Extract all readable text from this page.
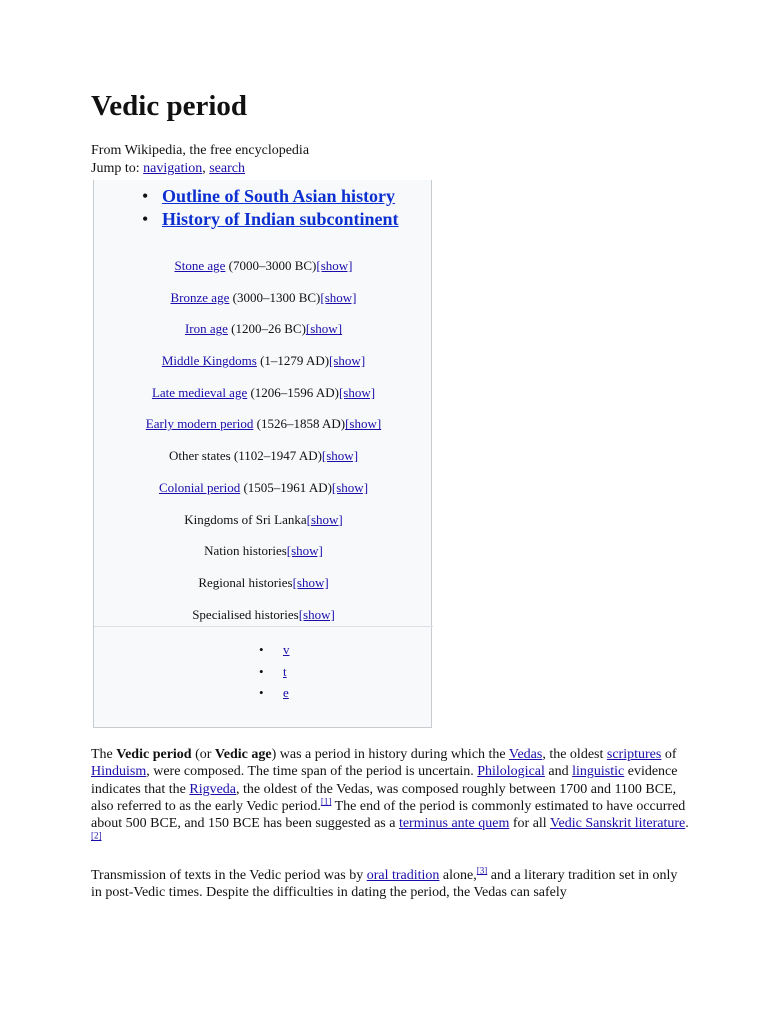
Vedic period
From Wikipedia, the free encyclopedia
Jump to: navigation, search
• Outline of South Asian history
• History of Indian subcontinent
Stone age (7000–3000 BC)[show]
Bronze age (3000–1300 BC)[show]
Iron age (1200–26 BC)[show]
Middle Kingdoms (1–1279 AD)[show]
Late medieval age (1206–1596 AD)[show]
Early modern period (1526–1858 AD)[show]
Other states (1102–1947 AD)[show]
Colonial period (1505–1961 AD)[show]
Kingdoms of Sri Lanka[show]
Nation histories[show]
Regional histories[show]
Specialised histories[show]
• v
• t
• e
The Vedic period (or Vedic age) was a period in history during which the Vedas, the oldest scriptures of Hinduism, were composed. The time span of the period is uncertain. Philological and linguistic evidence indicates that the Rigveda, the oldest of the Vedas, was composed roughly between 1700 and 1100 BCE, also referred to as the early Vedic period.[1] The end of the period is commonly estimated to have occurred about 500 BCE, and 150 BCE has been suggested as a terminus ante quem for all Vedic Sanskrit literature.[2]
Transmission of texts in the Vedic period was by oral tradition alone,[3] and a literary tradition set in only in post-Vedic times. Despite the difficulties in dating the period, the Vedas can safely
